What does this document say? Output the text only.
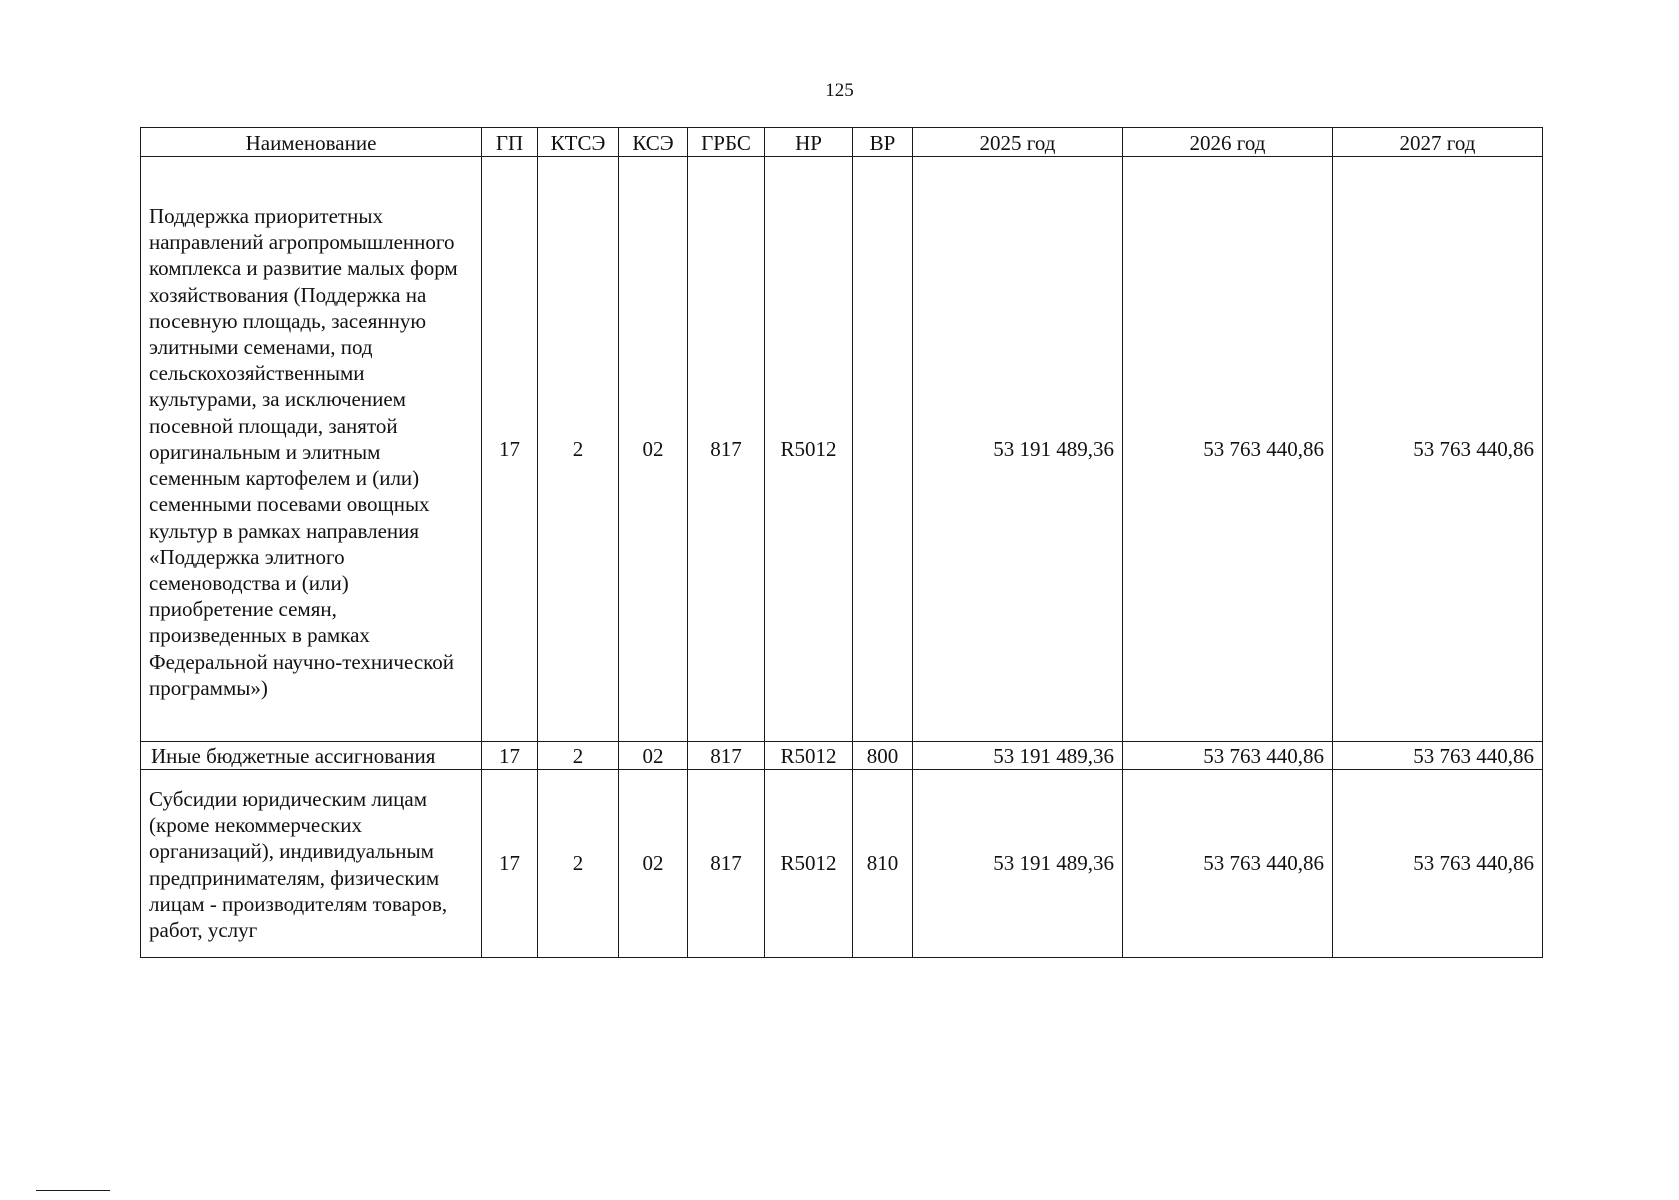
125
Наименование	ГП	КТСЭ	КСЭ	ГРБС	НР	ВР	2025 год	2026 год	2027 год
Поддержка приоритетных направлений агропромышленного комплекса и развитие малых форм хозяйствования (Поддержка на посевную площадь, засеянную элитными семенами, под сельскохозяйственными культурами, за исключением посевной площади, занятой оригинальным и элитным семенным картофелем и (или) семенными посевами овощных культур в рамках направления «Поддержка элитного семеноводства и (или) приобретение семян, произведенных в рамках Федеральной научно-технической программы»)	17	2	02	817	R5012		53 191 489,36	53 763 440,86	53 763 440,86
Иные бюджетные ассигнования	17	2	02	817	R5012	800	53 191 489,36	53 763 440,86	53 763 440,86
Субсидии юридическим лицам (кроме некоммерческих организаций), индивидуальным предпринимателям, физическим лицам - производителям товаров, работ, услуг	17	2	02	817	R5012	810	53 191 489,36	53 763 440,86	53 763 440,86
